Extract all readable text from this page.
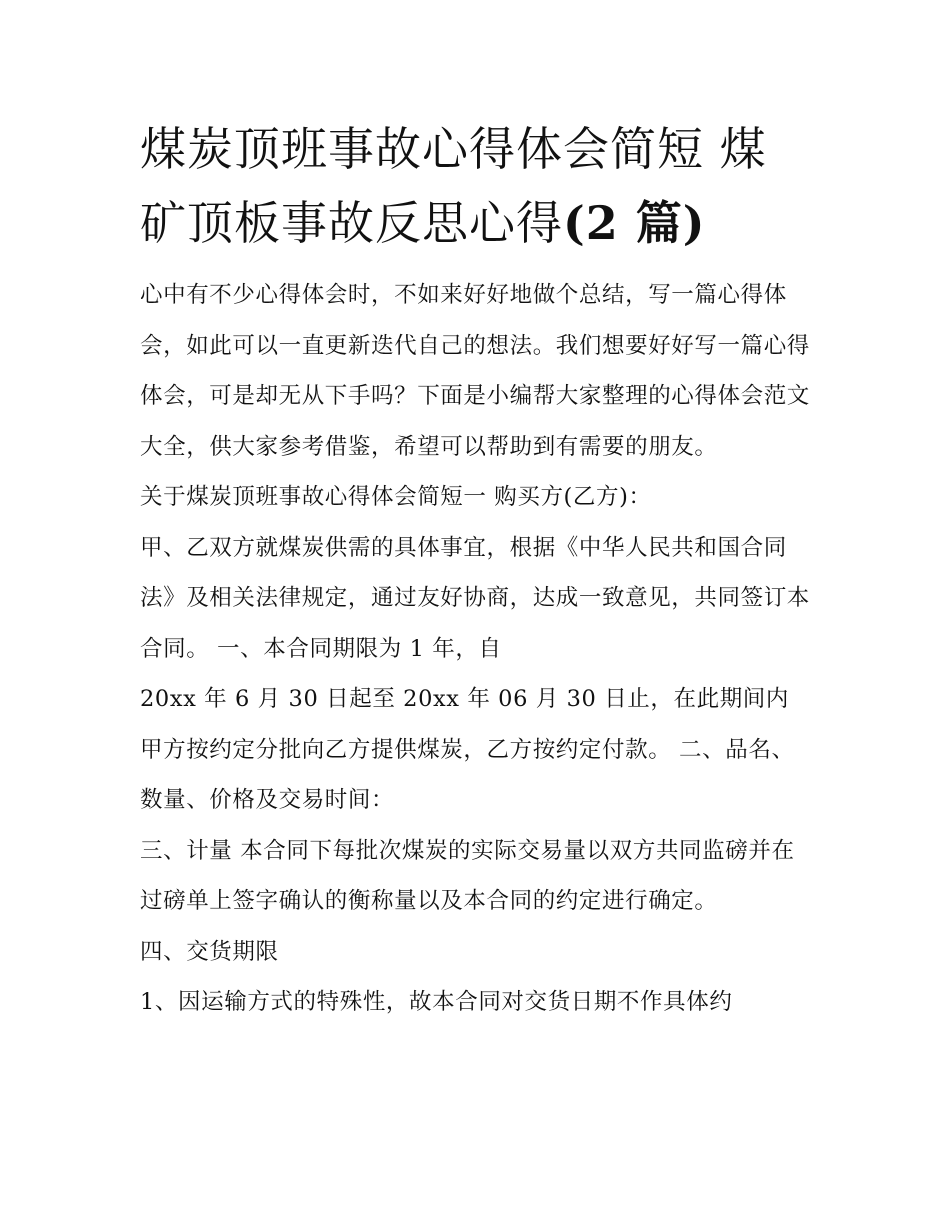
煤炭顶班事故心得体会简短 煤矿顶板事故反思心得(2 篇)

心中有不少心得体会时，不如来好好地做个总结，写一篇心得体会，如此可以一直更新迭代自己的想法。我们想要好好写一篇心得体会，可是却无从下手吗？下面是小编帮大家整理的心得体会范文大全，供大家参考借鉴，希望可以帮助到有需要的朋友。

关于煤炭顶班事故心得体会简短一 购买方(乙方)：

甲、乙双方就煤炭供需的具体事宜，根据《中华人民共和国合同法》及相关法律规定，通过友好协商，达成一致意见，共同签订本合同。 一、本合同期限为 1 年，自

20xx 年 6 月 30 日起至 20xx 年 06 月 30 日止，在此期间内甲方按约定分批向乙方提供煤炭，乙方按约定付款。 二、品名、数量、价格及交易时间：

三、计量 本合同下每批次煤炭的实际交易量以双方共同监磅并在过磅单上签字确认的衡称量以及本合同的约定进行确定。

四、交货期限

1、因运输方式的特殊性，故本合同对交货日期不作具体约
